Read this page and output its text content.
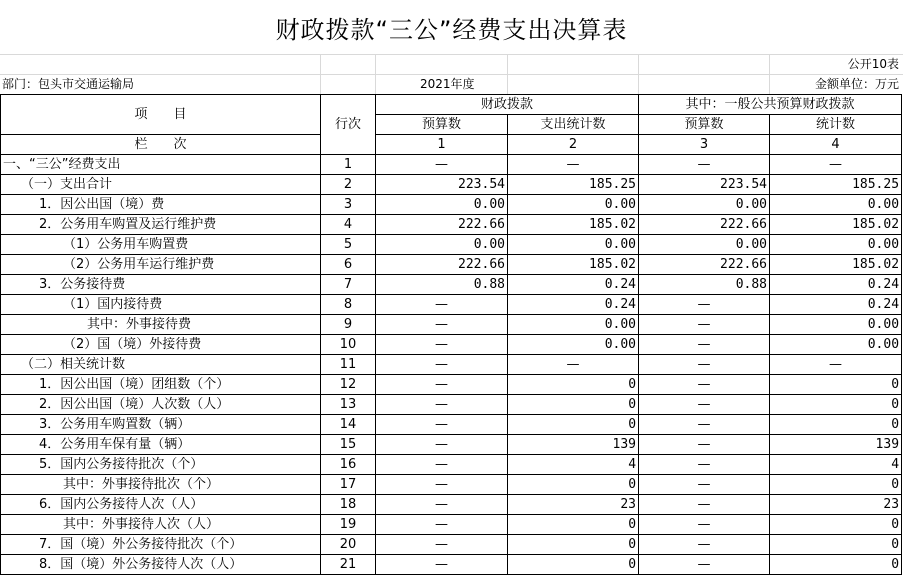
财政拨款“三公”经费支出决算表
公开10表
部门：包头市交通运输局	2021年度	金额单位：万元
项　　目	行次	财政拨款		其中：一般公共预算财政拨款	
		预算数	支出统计数	预算数	统计数
栏　　次		1	2	3	4
一、“三公”经费支出	1	—	—	—	—
（一）支出合计	2	223.54	185.25	223.54	185.25
1．因公出国（境）费	3	0.00	0.00	0.00	0.00
2．公务用车购置及运行维护费	4	222.66	185.02	222.66	185.02
（1）公务用车购置费	5	0.00	0.00	0.00	0.00
（2）公务用车运行维护费	6	222.66	185.02	222.66	185.02
3．公务接待费	7	0.88	0.24	0.88	0.24
（1）国内接待费	8	—	0.24	—	0.24
其中：外事接待费	9	—	0.00	—	0.00
（2）国（境）外接待费	10	—	0.00	—	0.00
（二）相关统计数	11	—	—	—	—
1．因公出国（境）团组数（个）	12	—	0	—	0
2．因公出国（境）人次数（人）	13	—	0	—	0
3．公务用车购置数（辆）	14	—	0	—	0
4．公务用车保有量（辆）	15	—	139	—	139
5．国内公务接待批次（个）	16	—	4	—	4
其中：外事接待批次（个）	17	—	0	—	0
6．国内公务接待人次（人）	18	—	23	—	23
其中：外事接待人次（人）	19	—	0	—	0
7．国（境）外公务接待批次（个）	20	—	0	—	0
8．国（境）外公务接待人次（人）	21	—	0	—	0
